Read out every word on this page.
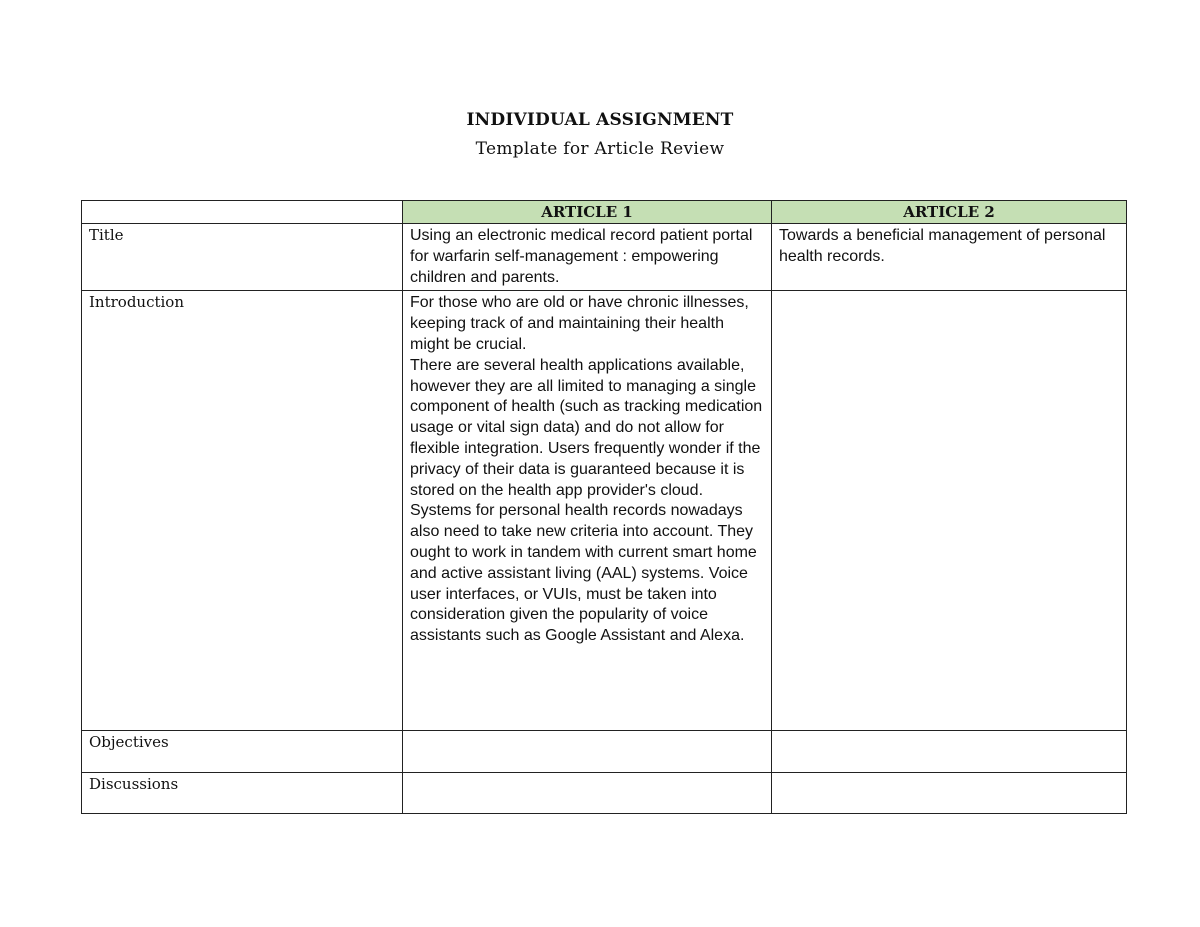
INDIVIDUAL ASSIGNMENT
Template for Article Review
	ARTICLE 1	ARTICLE 2
Title	Using an electronic medical record patient portal for warfarin self-management : empowering children and parents.	Towards a beneficial management of personal health records.
Introduction	For those who are old or have chronic illnesses, keeping track of and maintaining their health might be crucial.
There are several health applications available, however they are all limited to managing a single component of health (such as tracking medication usage or vital sign data) and do not allow for flexible integration. Users frequently wonder if the privacy of their data is guaranteed because it is stored on the health app provider's cloud.
Systems for personal health records nowadays also need to take new criteria into account. They ought to work in tandem with current smart home and active assistant living (AAL) systems. Voice user interfaces, or VUIs, must be taken into consideration given the popularity of voice assistants such as Google Assistant and Alexa.	
Objectives		
Discussions		
